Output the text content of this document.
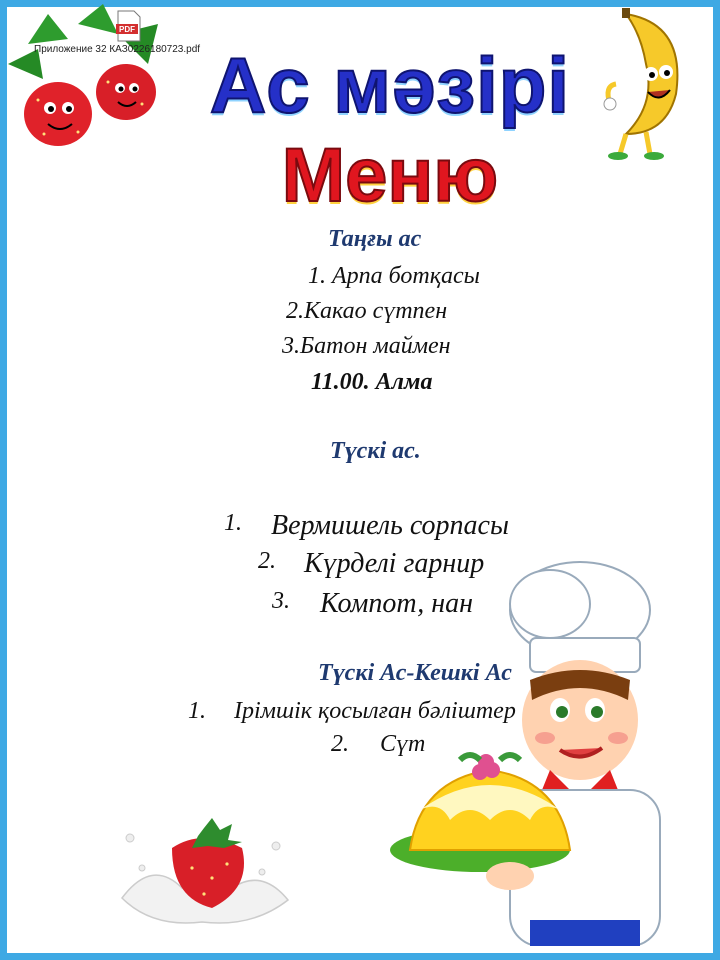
PDF
Приложение 32 КАЗ0226180723.pdf Ас мәзірі
Меню
Таңғы ас
1. Арпа ботқасы
2.Какао сүтпен
3.Батон маймен
11.00. Алма
Түскі ас.
1. Вермишель сорпасы
2. Күрделі гарнир
3. Компот, нан
Түскі Ас-Кешкі Ас
1. Ірімшік қосылған бәліштер
2. Сүт
